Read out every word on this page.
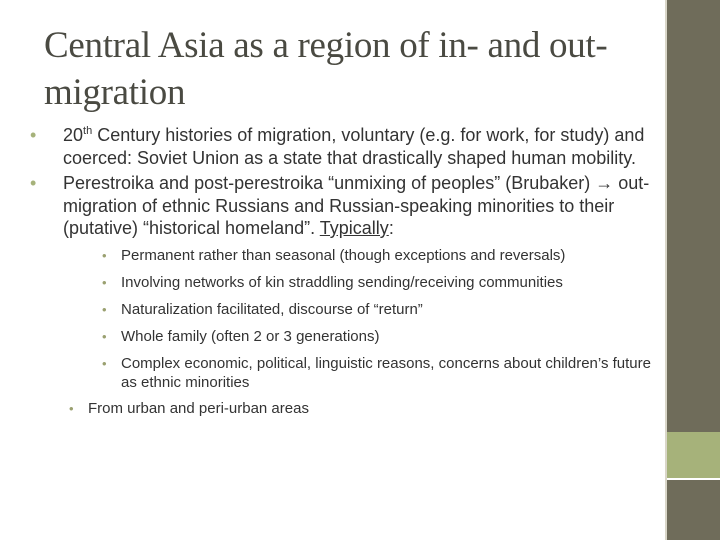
Central Asia as a region of in- and out-migration
• 20th Century histories of migration, voluntary (e.g. for work, for study) and coerced: Soviet Union as a state that drastically shaped human mobility.
• Perestroika and post-perestroika “unmixing of peoples” (Brubaker) → out-migration of ethnic Russians and Russian-speaking minorities to their (putative) “historical homeland”. Typically:
• Permanent rather than seasonal (though exceptions and reversals)
• Involving networks of kin straddling sending/receiving communities
• Naturalization facilitated, discourse of “return”
• Whole family (often 2 or 3 generations)
• Complex economic, political, linguistic reasons, concerns about children’s future as ethnic minorities
• From urban and peri-urban areas
